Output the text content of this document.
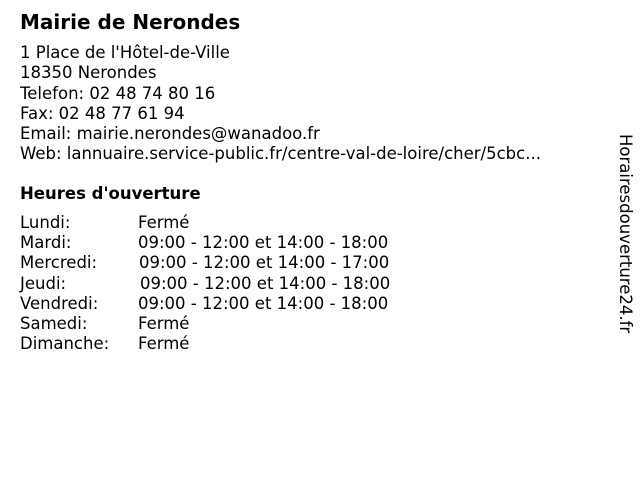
Mairie de Nerondes
1 Place de l'Hôtel-de-Ville
18350 Nerondes
Telefon: 02 48 74 80 16
Fax: 02 48 77 61 94
Email: mairie.nerondes@wanadoo.fr
Web: lannuaire.service-public.fr/centre-val-de-loire/cher/5cbc...
Heures d'ouverture
Lundi:	Fermé
Mardi:	09:00 - 12:00 et 14:00 - 18:00
Mercredi:	09:00 - 12:00 et 14:00 - 17:00
Jeudi:	09:00 - 12:00 et 14:00 - 18:00
Vendredi: 09:00 - 12:00 et 14:00 - 18:00
Samedi:	Fermé
Dimanche: Fermé
Horairesdouverture24.fr
